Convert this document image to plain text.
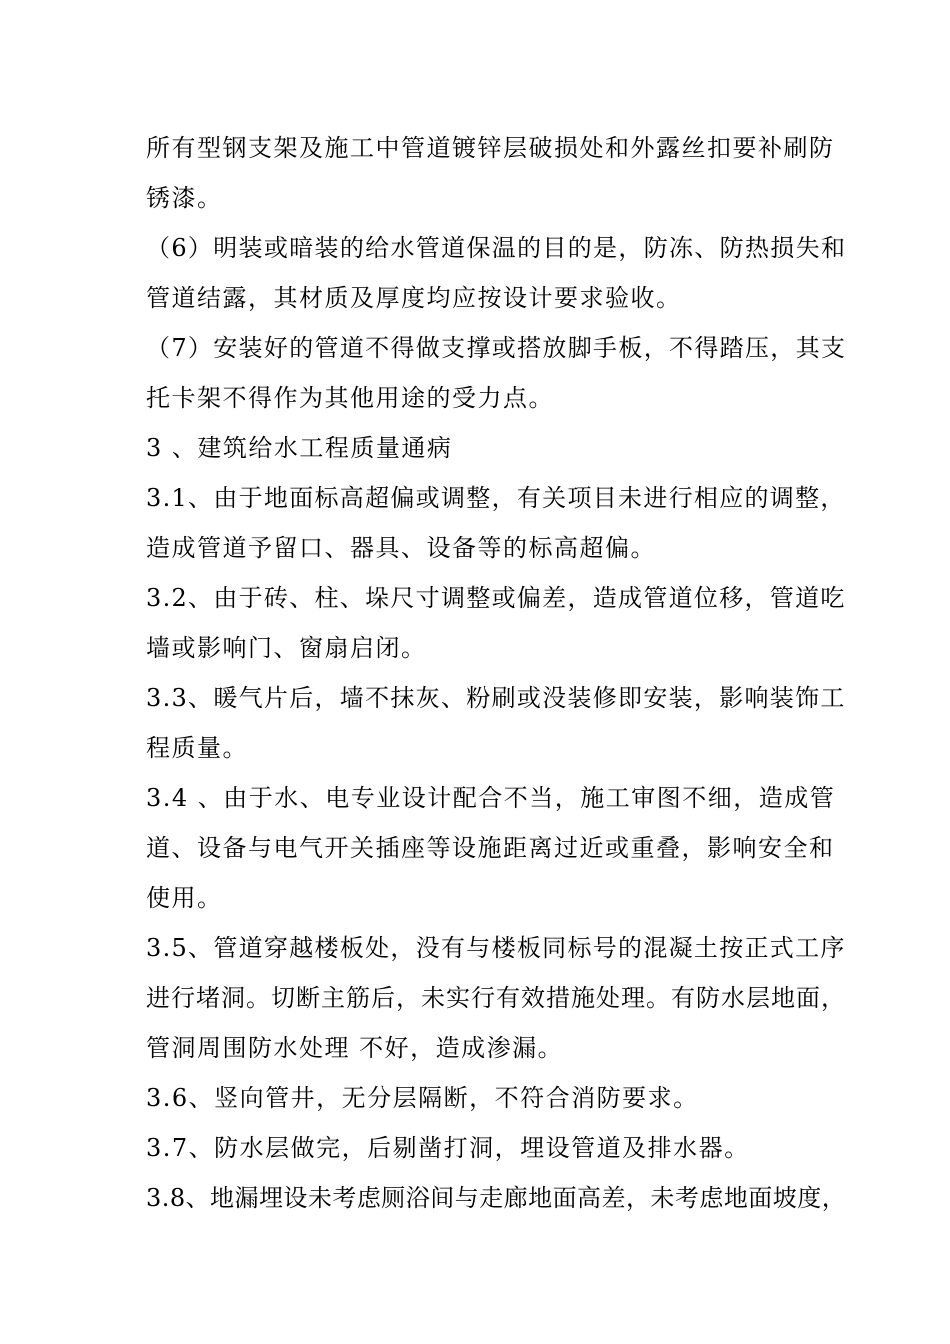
所有型钢支架及施工中管道镀锌层破损处和外露丝扣要补刷防

锈漆。

（6）明装或暗装的给水管道保温的目的是，防冻、防热损失和

管道结露，其材质及厚度均应按设计要求验收。

（7）安装好的管道不得做支撑或搭放脚手板，不得踏压，其支

托卡架不得作为其他用途的受力点。

3 、建筑给水工程质量通病

3.1、由于地面标高超偏或调整，有关项目未进行相应的调整，

造成管道予留口、器具、设备等的标高超偏。

3.2、由于砖、柱、垛尺寸调整或偏差，造成管道位移，管道吃

墙或影响门、窗扇启闭。

3.3、暖气片后，墙不抹灰、粉刷或没装修即安装，影响装饰工

程质量。

3.4 、由于水、电专业设计配合不当，施工审图不细，造成管

道、设备与电气开关插座等设施距离过近或重叠，影响安全和

使用。

3.5、管道穿越楼板处，没有与楼板同标号的混凝土按正式工序

进行堵洞。切断主筋后，未实行有效措施处理。有防水层地面，

管洞周围防水处理 不好，造成渗漏。

3.6、竖向管井，无分层隔断，不符合消防要求。

3.7、防水层做完，后剔凿打洞，埋设管道及排水器。

3.8、地漏埋设未考虑厕浴间与走廊地面高差，未考虑地面坡度，
